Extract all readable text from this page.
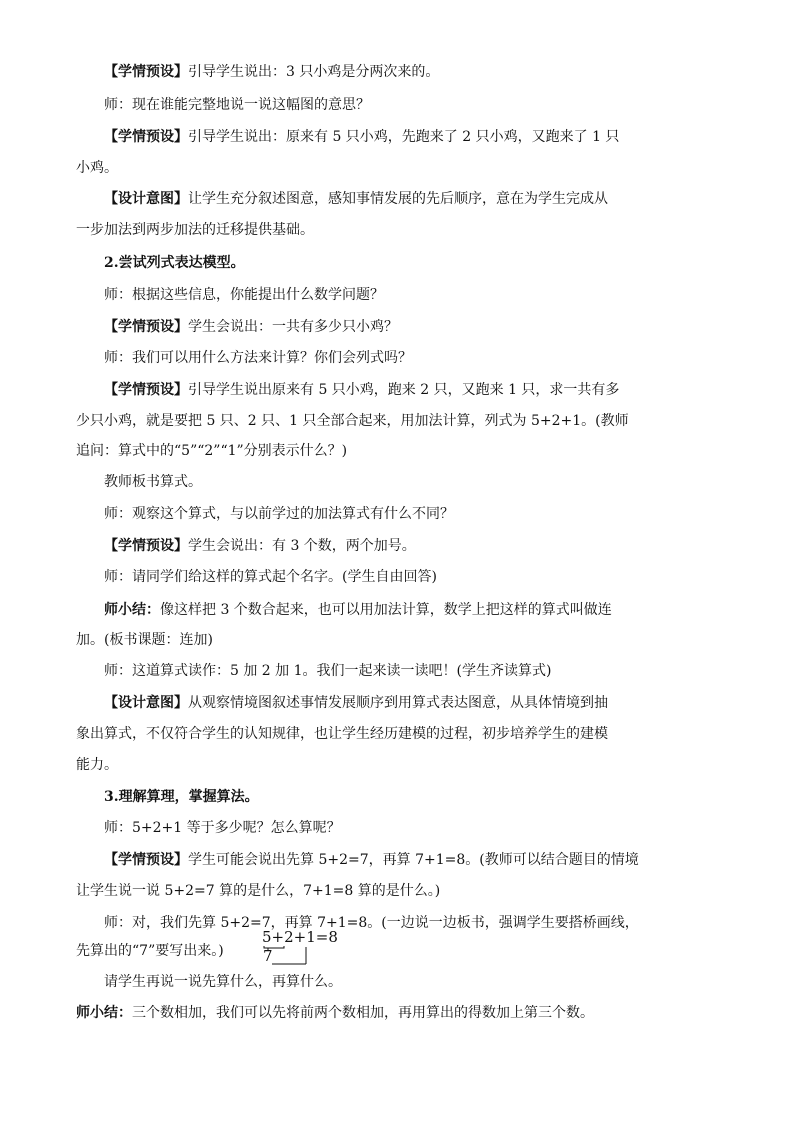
【学情预设】引导学生说出：3 只小鸡是分两次来的。
师：现在谁能完整地说一说这幅图的意思？
【学情预设】引导学生说出：原来有 5 只小鸡，先跑来了 2 只小鸡，又跑来了 1 只
小鸡。
【设计意图】让学生充分叙述图意，感知事情发展的先后顺序，意在为学生完成从
一步加法到两步加法的迁移提供基础。
2.尝试列式表达模型。
师：根据这些信息，你能提出什么数学问题？
【学情预设】学生会说出：一共有多少只小鸡？
师：我们可以用什么方法来计算？你们会列式吗？
【学情预设】引导学生说出原来有 5 只小鸡，跑来 2 只，又跑来 1 只，求一共有多
少只小鸡，就是要把 5 只、2 只、1 只全部合起来，用加法计算，列式为 5+2+1。(教师
追问：算式中的“5”“2”“1”分别表示什么？)
教师板书算式。
师：观察这个算式，与以前学过的加法算式有什么不同？
【学情预设】学生会说出：有 3 个数，两个加号。
师：请同学们给这样的算式起个名字。(学生自由回答)
师小结：像这样把 3 个数合起来，也可以用加法计算，数学上把这样的算式叫做连
加。(板书课题：连加)
师：这道算式读作：5 加 2 加 1。我们一起来读一读吧！(学生齐读算式)
【设计意图】从观察情境图叙述事情发展顺序到用算式表达图意，从具体情境到抽
象出算式，不仅符合学生的认知规律，也让学生经历建模的过程，初步培养学生的建模
能力。
3.理解算理，掌握算法。
师：5+2+1 等于多少呢？怎么算呢？
【学情预设】学生可能会说出先算 5+2=7，再算 7+1=8。(教师可以结合题目的情境
让学生说一说 5+2=7 算的是什么，7+1=8 算的是什么。)
师：对，我们先算 5+2=7，再算 7+1=8。(一边说一边板书，强调学生要搭桥画线，
先算出的“7”要写出来。)
请学生再说一说先算什么，再算什么。
师小结：三个数相加，我们可以先将前两个数相加，再用算出的得数加上第三个数。
5+2+1=8
7
